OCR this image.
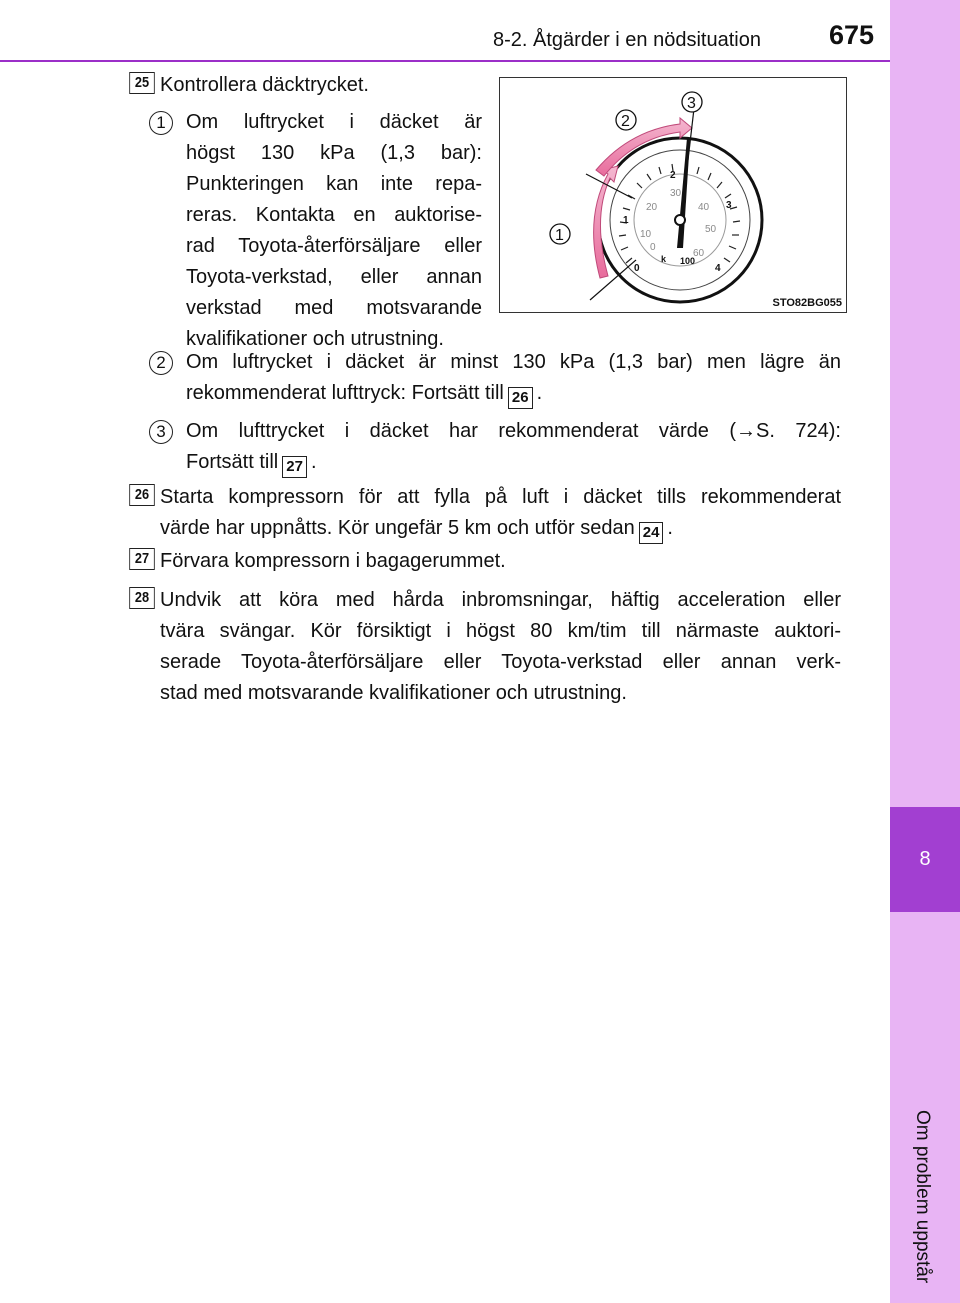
8-2. Åtgärder i en nödsituation	675
8
Om problem uppstår
25 Kontrollera däcktrycket.
1	Om luftrycket i däcket är
högst 130 kPa (1,3 bar):
Punkteringen kan inte repa-
reras. Kontakta en auktorise-
rad Toyota-återförsäljare eller
Toyota-verkstad, eller annan
verkstad med motsvarande
kvalifikationer och utrustning.
0
1
2
3
4
0
10
20
30
40
50
60
k 100
1
2
3
STO82BG055
2	Om luftrycket i däcket är minst 130 kPa (1,3 bar) men lägre än
rekommenderat lufttryck: Fortsätt till 26 .
3	Om lufttrycket i däcket har rekommenderat värde (→S. 724):
Fortsätt till 27 .
26 Starta kompressorn för att fylla på luft i däcket tills rekommenderat
värde har uppnåtts. Kör ungefär 5 km och utför sedan 24 .
27 Förvara kompressorn i bagagerummet.
28 Undvik att köra med hårda inbromsningar, häftig acceleration eller
tvära svängar. Kör försiktigt i högst 80 km/tim till närmaste auktori-
serade Toyota-återförsäljare eller Toyota-verkstad eller annan verk-
stad med motsvarande kvalifikationer och utrustning.
